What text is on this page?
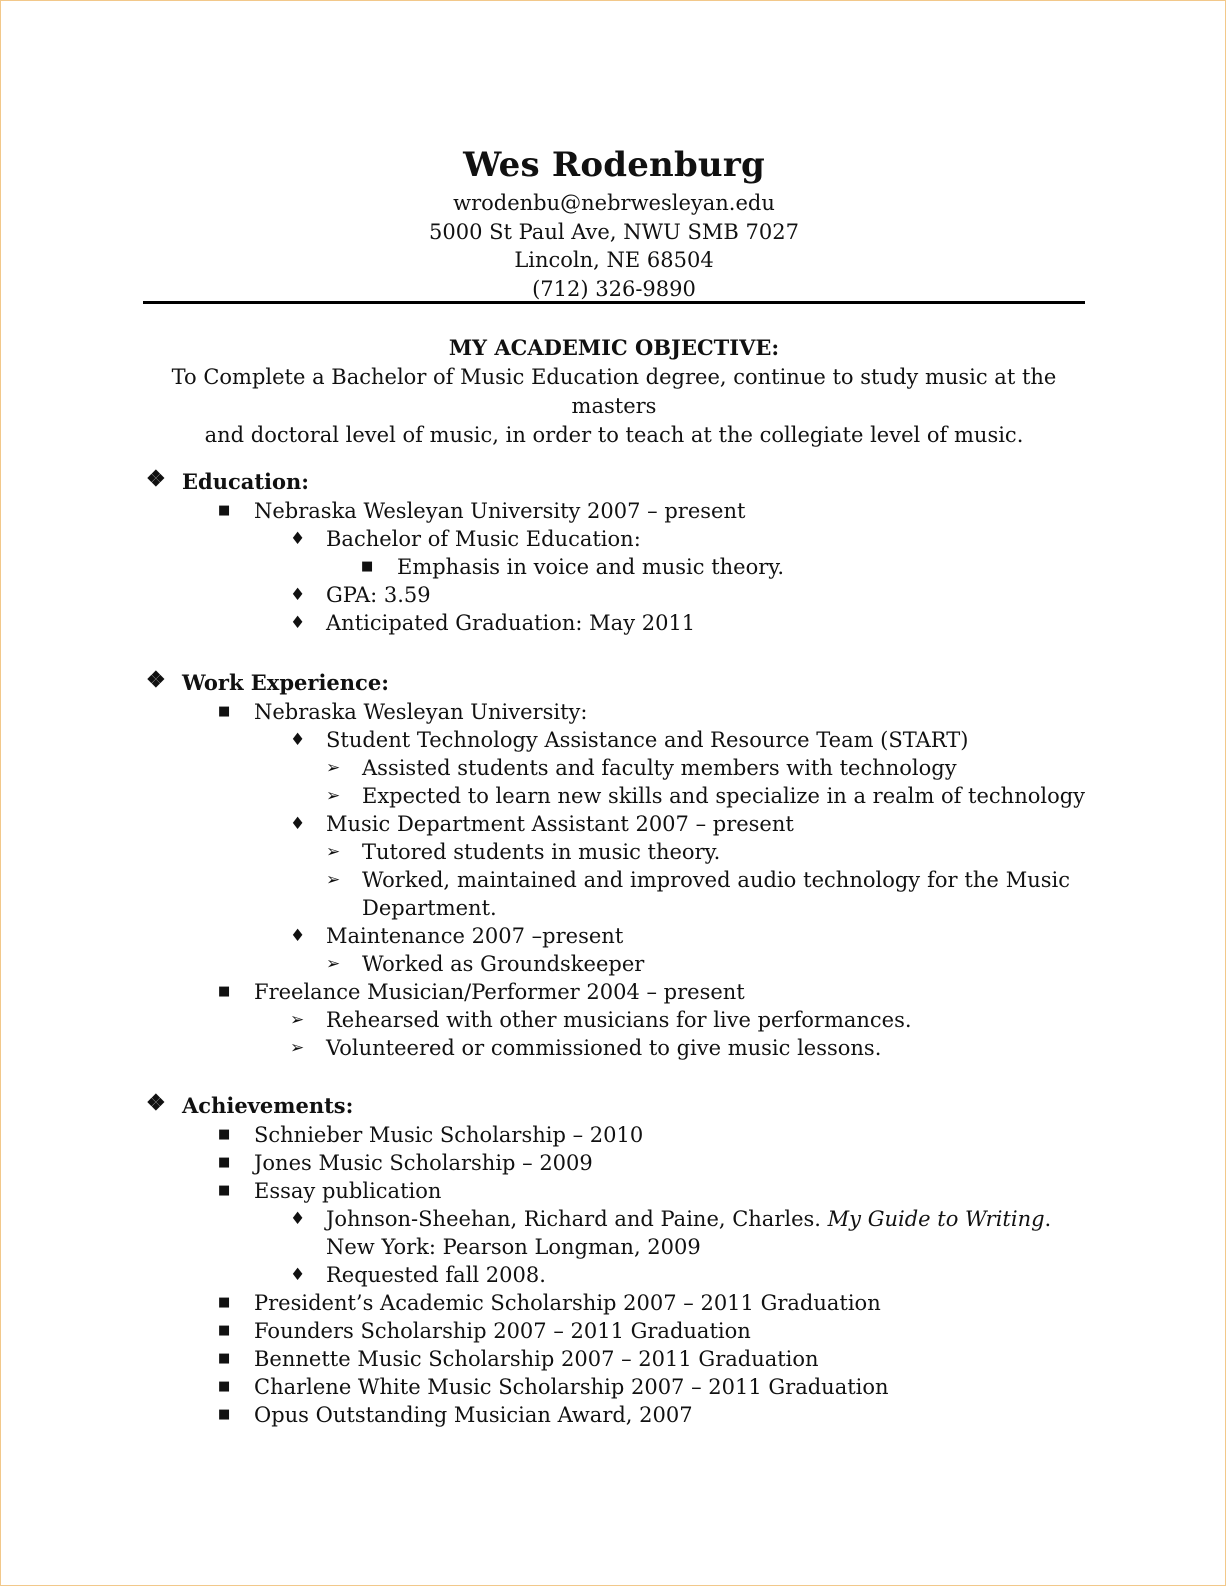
Wes Rodenburg
wrodenbu@nebrwesleyan.edu
5000 St Paul Ave, NWU SMB 7027
Lincoln, NE 68504
(712) 326-9890
MY ACADEMIC OBJECTIVE:
To Complete a Bachelor of Music Education degree, continue to study music at the masters
and doctoral level of music, in order to teach at the collegiate level of music.
❖ Education:
■ Nebraska Wesleyan University 2007 – present
♦ Bachelor of Music Education:
■ Emphasis in voice and music theory.
♦ GPA: 3.59
♦ Anticipated Graduation: May 2011
❖ Work Experience:
■ Nebraska Wesleyan University:
♦ Student Technology Assistance and Resource Team (START)
➢ Assisted students and faculty members with technology
➢ Expected to learn new skills and specialize in a realm of technology
♦ Music Department Assistant 2007 – present
➢ Tutored students in music theory.
➢ Worked, maintained and improved audio technology for the Music
Department.
♦ Maintenance 2007 –present
➢ Worked as Groundskeeper
■ Freelance Musician/Performer 2004 – present
➢ Rehearsed with other musicians for live performances.
➢ Volunteered or commissioned to give music lessons.
❖ Achievements:
■ Schnieber Music Scholarship – 2010
■ Jones Music Scholarship – 2009
■ Essay publication
♦ Johnson-Sheehan, Richard and Paine, Charles. My Guide to Writing.
New York: Pearson Longman, 2009
♦ Requested fall 2008.
■ President’s Academic Scholarship 2007 – 2011 Graduation
■ Founders Scholarship 2007 – 2011 Graduation
■ Bennette Music Scholarship 2007 – 2011 Graduation
■ Charlene White Music Scholarship 2007 – 2011 Graduation
■ Opus Outstanding Musician Award, 2007
